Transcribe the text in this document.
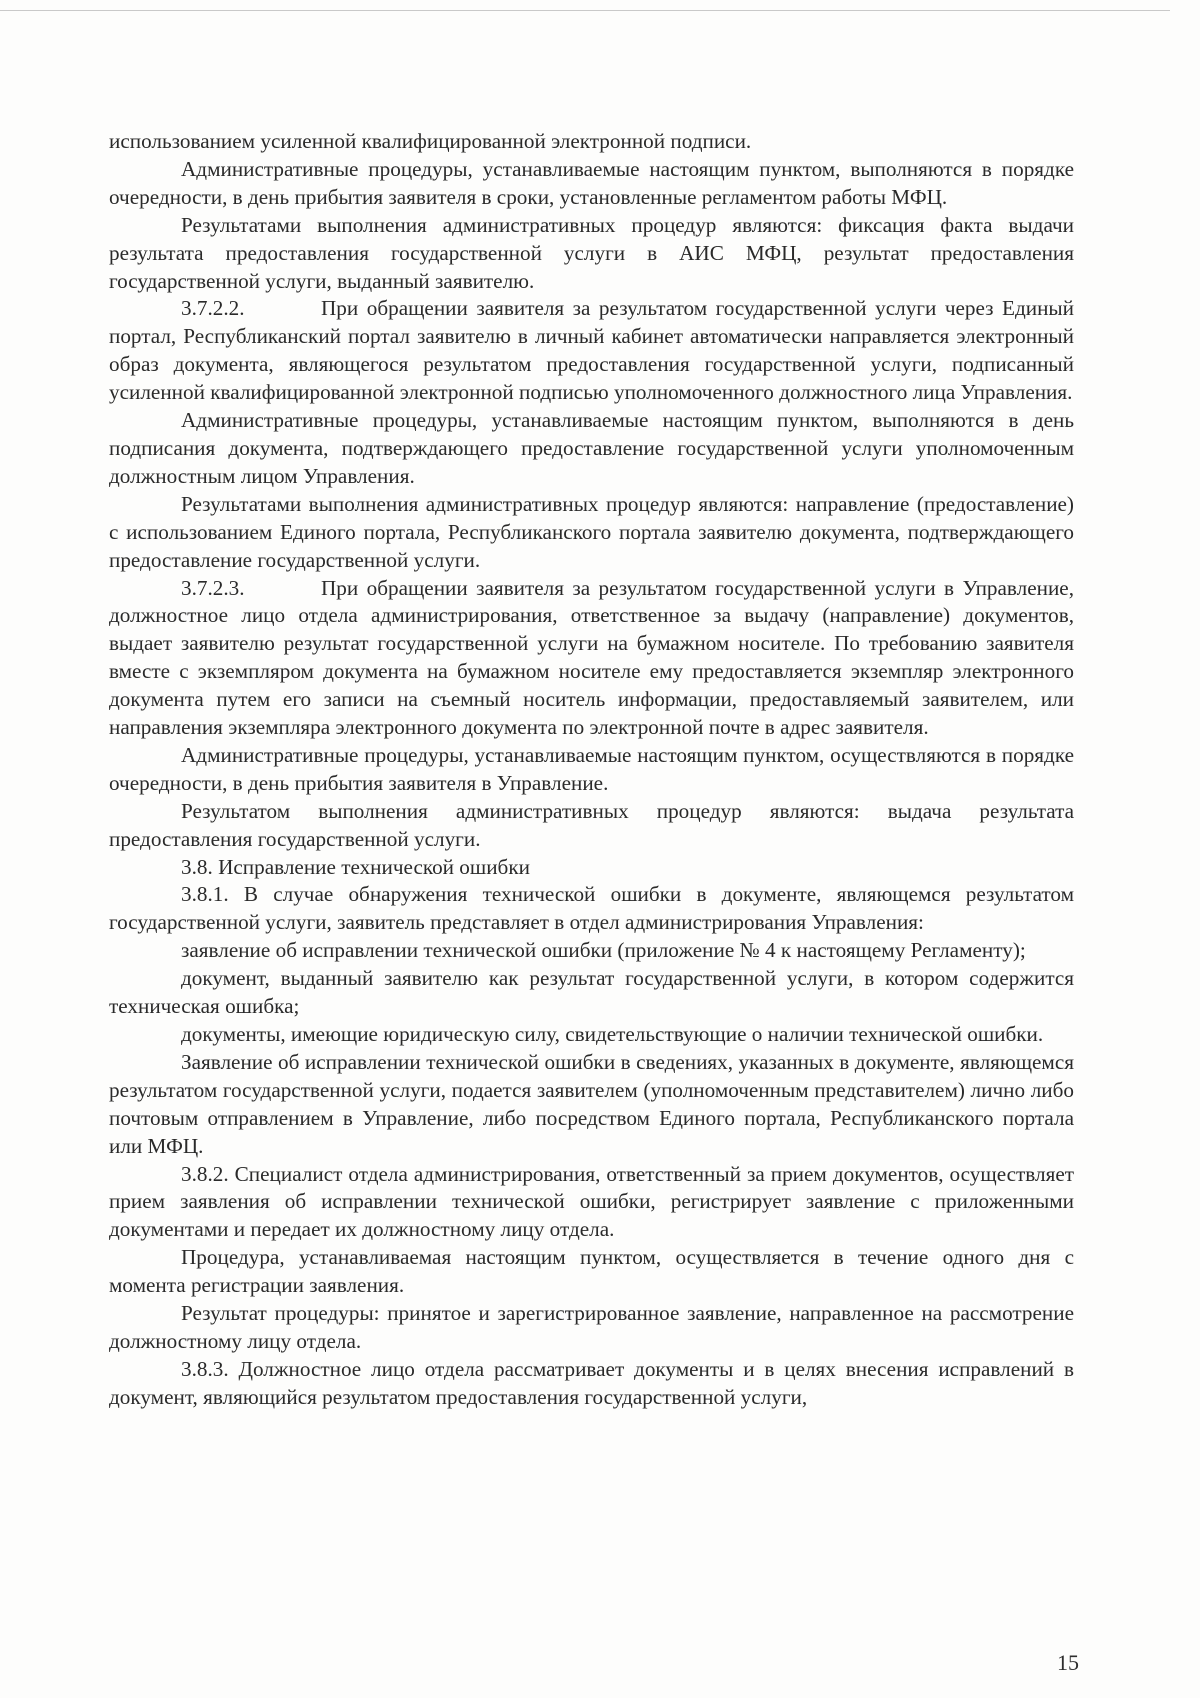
использованием усиленной квалифицированной электронной подписи.

Административные процедуры, устанавливаемые настоящим пунктом, выполняются в порядке очередности, в день прибытия заявителя в сроки, установленные регламентом работы МФЦ.

Результатами выполнения административных процедур являются: фиксация факта выдачи результата предоставления государственной услуги в АИС МФЦ, результат предоставления государственной услуги, выданный заявителю.

3.7.2.2.	При обращении заявителя за результатом государственной услуги через Единый портал, Республиканский портал заявителю в личный кабинет автоматически направляется электронный образ документа, являющегося результатом предоставления государственной услуги, подписанный усиленной квалифицированной электронной подписью уполномоченного должностного лица Управления.

Административные процедуры, устанавливаемые настоящим пунктом, выполняются в день подписания документа, подтверждающего предоставление государственной услуги уполномоченным должностным лицом Управления.

Результатами выполнения административных процедур являются: направление (предоставление) с использованием Единого портала, Республиканского портала заявителю документа, подтверждающего предоставление государственной услуги.

3.7.2.3.	При обращении заявителя за результатом государственной услуги в Управление, должностное лицо отдела администрирования, ответственное за выдачу (направление) документов, выдает заявителю результат государственной услуги на бумажном носителе. По требованию заявителя вместе с экземпляром документа на бумажном носителе ему предоставляется экземпляр электронного документа путем его записи на съемный носитель информации, предоставляемый заявителем, или направления экземпляра электронного документа по электронной почте в адрес заявителя.

Административные процедуры, устанавливаемые настоящим пунктом, осуществляются в порядке очередности, в день прибытия заявителя в Управление.

Результатом выполнения административных процедур являются: выдача результата предоставления государственной услуги.

3.8. Исправление технической ошибки

3.8.1. В случае обнаружения технической ошибки в документе, являющемся результатом государственной услуги, заявитель представляет в отдел администрирования Управления:

заявление об исправлении технической ошибки (приложение № 4 к настоящему Регламенту);

документ, выданный заявителю как результат государственной услуги, в котором содержится техническая ошибка;

документы, имеющие юридическую силу, свидетельствующие о наличии технической ошибки.

Заявление об исправлении технической ошибки в сведениях, указанных в документе, являющемся результатом государственной услуги, подается заявителем (уполномоченным представителем) лично либо почтовым отправлением в Управление, либо посредством Единого портала, Республиканского портала или МФЦ.

3.8.2. Специалист отдела администрирования, ответственный за прием документов, осуществляет прием заявления об исправлении технической ошибки, регистрирует заявление с приложенными документами и передает их должностному лицу отдела.

Процедура, устанавливаемая настоящим пунктом, осуществляется в течение одного дня с момента регистрации заявления.

Результат процедуры: принятое и зарегистрированное заявление, направленное на рассмотрение должностному лицу отдела.

3.8.3. Должностное лицо отдела рассматривает документы и в целях внесения исправлений в документ, являющийся результатом предоставления государственной услуги,

15
